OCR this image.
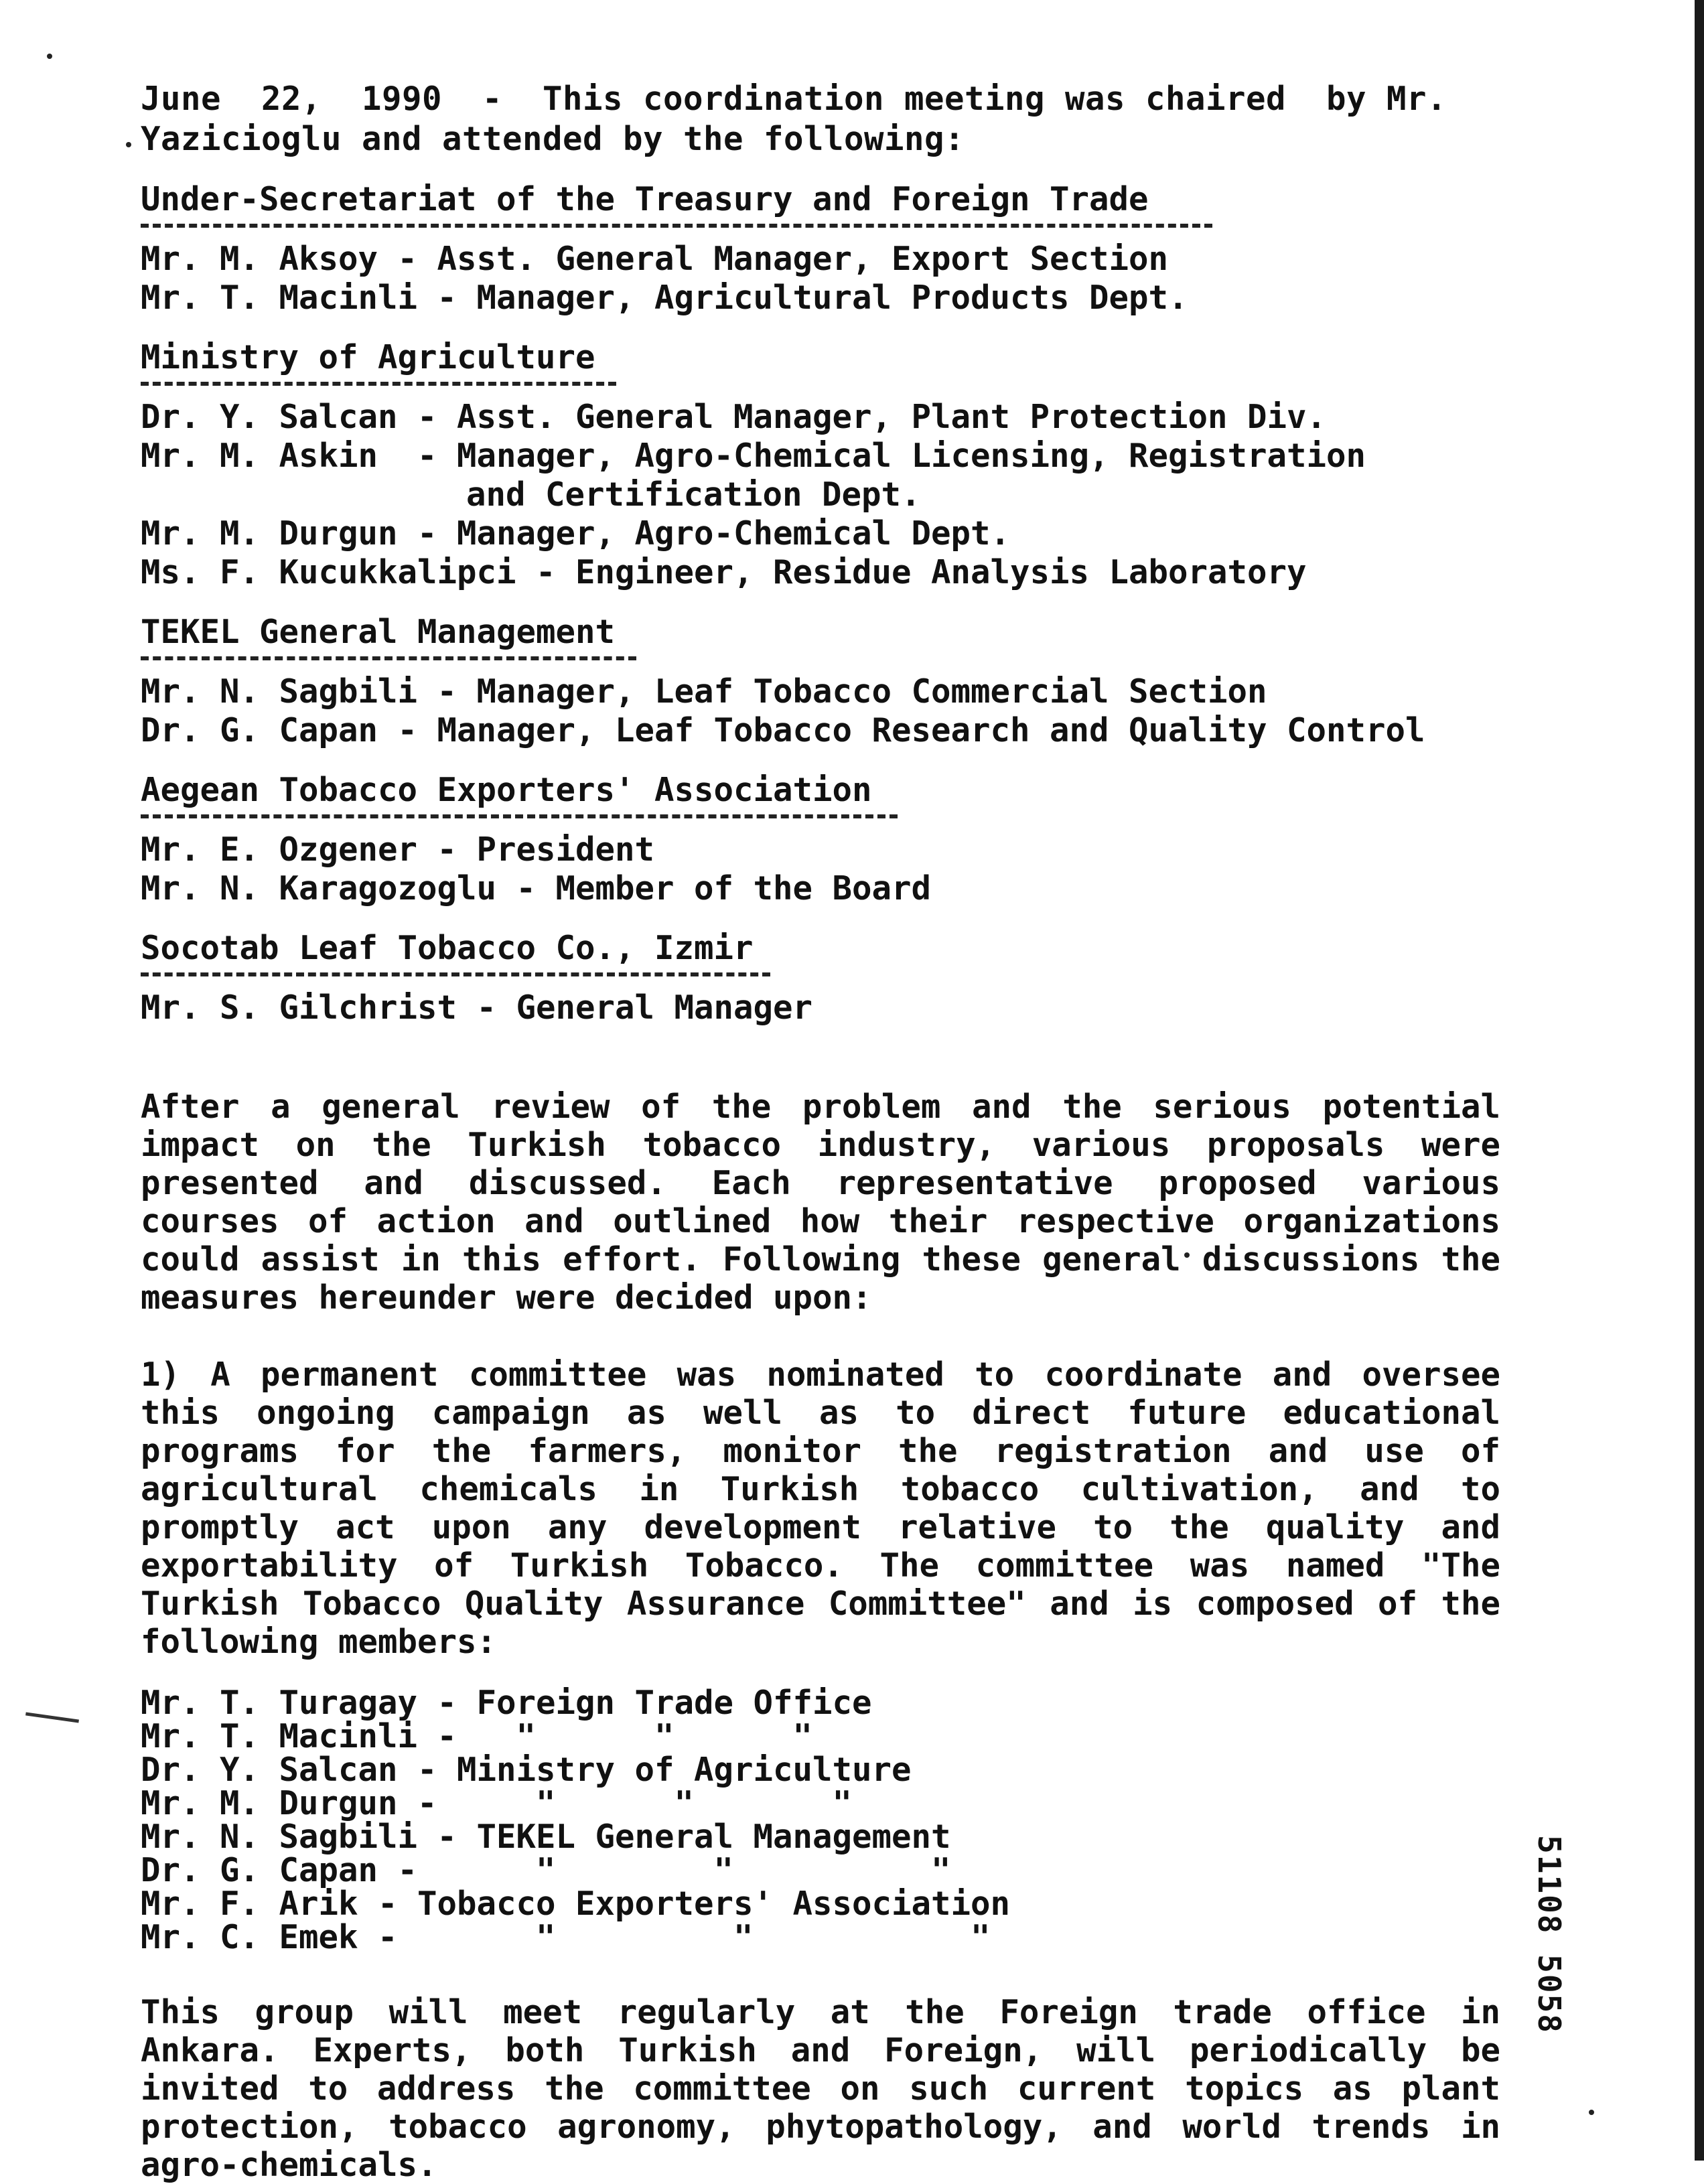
June  22,  1990  -  This coordination meeting was chaired  by Mr.
Yazicioglu and attended by the following:
Under-Secretariat of the Treasury and Foreign Trade
Mr. M. Aksoy - Asst. General Manager, Export Section
Mr. T. Macinli - Manager, Agricultural Products Dept.
Ministry of Agriculture
Dr. Y. Salcan - Asst. General Manager, Plant Protection Div.
Mr. M. Askin  - Manager, Agro-Chemical Licensing, Registration
and Certification Dept.
Mr. M. Durgun - Manager, Agro-Chemical Dept.
Ms. F. Kucukkalipci - Engineer, Residue Analysis Laboratory
TEKEL General Management
Mr. N. Sagbili - Manager, Leaf Tobacco Commercial Section
Dr. G. Capan - Manager, Leaf Tobacco Research and Quality Control
Aegean Tobacco Exporters' Association
Mr. E. Ozgener - President
Mr. N. Karagozoglu - Member of the Board
Socotab Leaf Tobacco Co., Izmir
Mr. S. Gilchrist - General Manager
After a general review of the problem and the serious potential impact on the Turkish tobacco industry, various proposals were presented and discussed. Each representative proposed various courses of action and outlined how their respective organizations could assist in this effort. Following these general discussions the measures hereunder were decided upon:
1) A permanent committee was nominated to coordinate and oversee this ongoing campaign as well as to direct future educational programs for the farmers, monitor the registration and use of agricultural chemicals in Turkish tobacco cultivation, and to promptly act upon any development relative to the quality and exportability of Turkish Tobacco. The committee was named "The Turkish Tobacco Quality Assurance Committee" and is composed of the following members:
Mr. T. Turagay - Foreign Trade Office
Mr. T. Macinli -   "      "      "
Dr. Y. Salcan - Ministry of Agriculture
Mr. M. Durgun -     "      "       "
Mr. N. Sagbili - TEKEL General Management
Dr. G. Capan -      "        "          "
Mr. F. Arik - Tobacco Exporters' Association
Mr. C. Emek -       "         "           "
This group will meet regularly at the Foreign trade office in Ankara. Experts, both Turkish and Foreign, will periodically be invited to address the committee on such current topics as plant protection, tobacco agronomy, phytopathology, and world trends in agro-chemicals.
51108 5058
